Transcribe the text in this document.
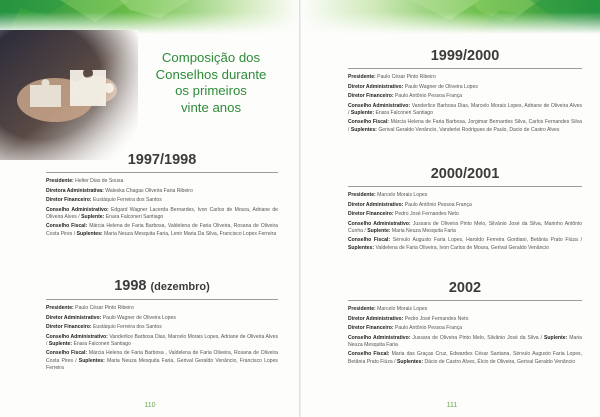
Composição dos
Conselhos durante
os primeiros
vinte anos
1997/1998

Presidente: Helter Dias de Sousa

Diretora Administrativa: Waleska Chagas Oliveira Faria Ribeiro

Diretor Financeiro: Eustáquio Ferreira dos Santos

Conselho Administrativo: Edgard Wagner Lacerda Bernardes, Ivon Carlos de Moura, Adriane de Oliveira Alves / Suplente: Enara Falconeri Santiago

Conselho Fiscal: Márcia Helena de Faria Barbosa, Valdelena de Faria Oliveira, Rosana de Oliveira Costa Pires / Suplentes: Maria Neuza Mesquita Faria, Lenir Maria Da Silva, Francisco Lopes Ferreira

1998 (dezembro)

Presidente: Paulo César Pinto Ribeiro

Diretor Administrativo: Paulo Wagner de Oliveira Lopes

Diretor Financeiro: Eustáquio Ferreira dos Santos

Conselho Administrativo: Vanderlice Barbosa Dias, Marcelo Morais Lopes, Adriane de Oliveira Alves / Suplente: Enara Falconeri Santiago

Conselho Fiscal: Márcia Helena de Faria Barbosa , Valdelena de Faria Oliveira, Rosana de Oliveira Costa Pires / Suplentes: Maria Neuza Mesquita Faria, Gerival Geraldo Venâncio, Francisco Lopes Ferreira

110
1999/2000

Presidente: Paulo César Pinto Ribeiro

Diretor Administrativo: Paulo Wagner de Oliveira Lopes

Diretor Financeiro: Paulo Antônio Pessoa França

Conselho Administrativo: Vanderlice Barbosa Dias, Marcelo Morais Lopes, Adriane de Oliveira Alves / Suplente: Enara Falconeri Santiago

Conselho Fiscal: Márcia Helena de Faria Barbosa, Jorgimar Bernardes Silva, Carlos Fernandes Silva / Suplentes: Gerival Geraldo Venâncio, Vanderlei Rodrigues de Paulo, Dacio de Castro Alves

2000/2001

Presidente: Marcelo Morais Lopes

Diretor Administrativo: Paulo Antônio Pessoa França

Diretor Financeiro: Pedro José Fernandes Neto

Conselho Administrativo: Jussara de Oliveira Pinto Melo, Silvânio José da Silva, Marinho Antônio Cunha / Suplente: Maria Neuza Mesquita Faria

Conselho Fiscal: Sérvulo Augusto Faria Lopes, Haroldo Ferreira Gordiani, Betânia Prato Fiúza / Suplentes: Valdelena de Faria Oliveira, Ivon Carlos de Moura, Gerival Geraldo Venâncio

2002

Presidente: Marcelo Morais Lopes

Diretor Administrativo: Pedro José Fernandes Neto

Diretor Financeiro: Paulo Antônio Pessoa França

Conselho Administrativo: Jussara de Oliveira Pinto Melo, Silvânio José da Silva / Suplente: Maria Neuza Mesquita Faria

Conselho Fiscal: Maria das Graças Cruz, Edwardes César Santana, Sérvulo Augusto Faria Lopes, Betânia Prato Fiúza / Suplentes: Dácio de Castro Alves, Élcio de Oliveira, Gerival Geraldo Venâncio

111
